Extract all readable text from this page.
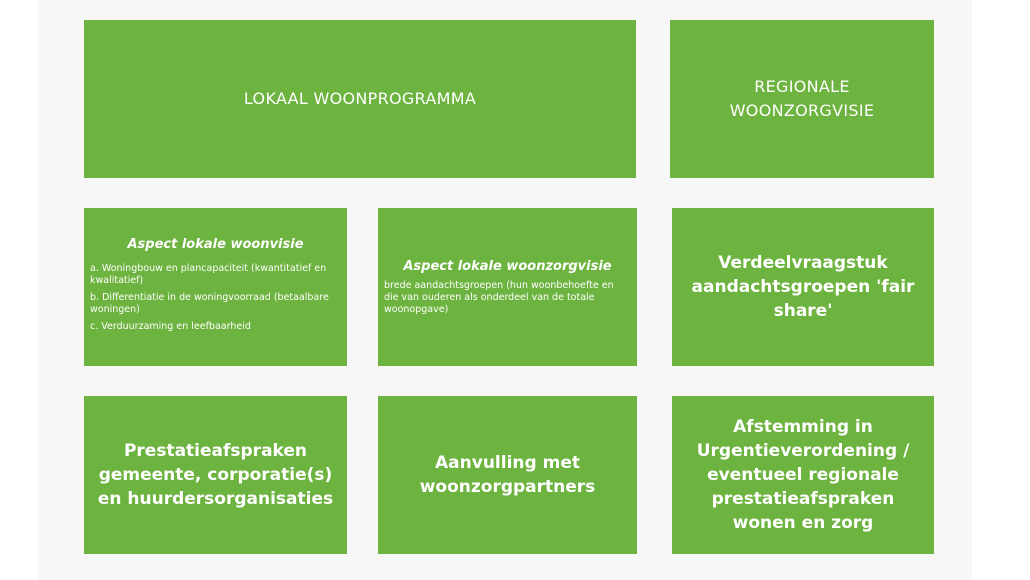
LOKAAL WOONPROGRAMMA
REGIONALE
WOONZORGVISIE
Aspect lokale woonvisie
a. Woningbouw en plancapaciteit (kwantitatief en kwalitatief)
b. Differentiatie in de woningvoorraad (betaalbare woningen)
c. Verduurzaming en leefbaarheid
Aspect lokale woonzorgvisie
brede aandachtsgroepen (hun woonbehoefte en die van ouderen als onderdeel van de totale woonopgave)
Verdeelvraagstuk aandachtsgroepen 'fair share'
Prestatieafspraken gemeente, corporatie(s) en huurdersorganisaties
Aanvulling met woonzorgpartners
Afstemming in Urgentieverordening / eventueel regionale prestatieafspraken wonen en zorg
